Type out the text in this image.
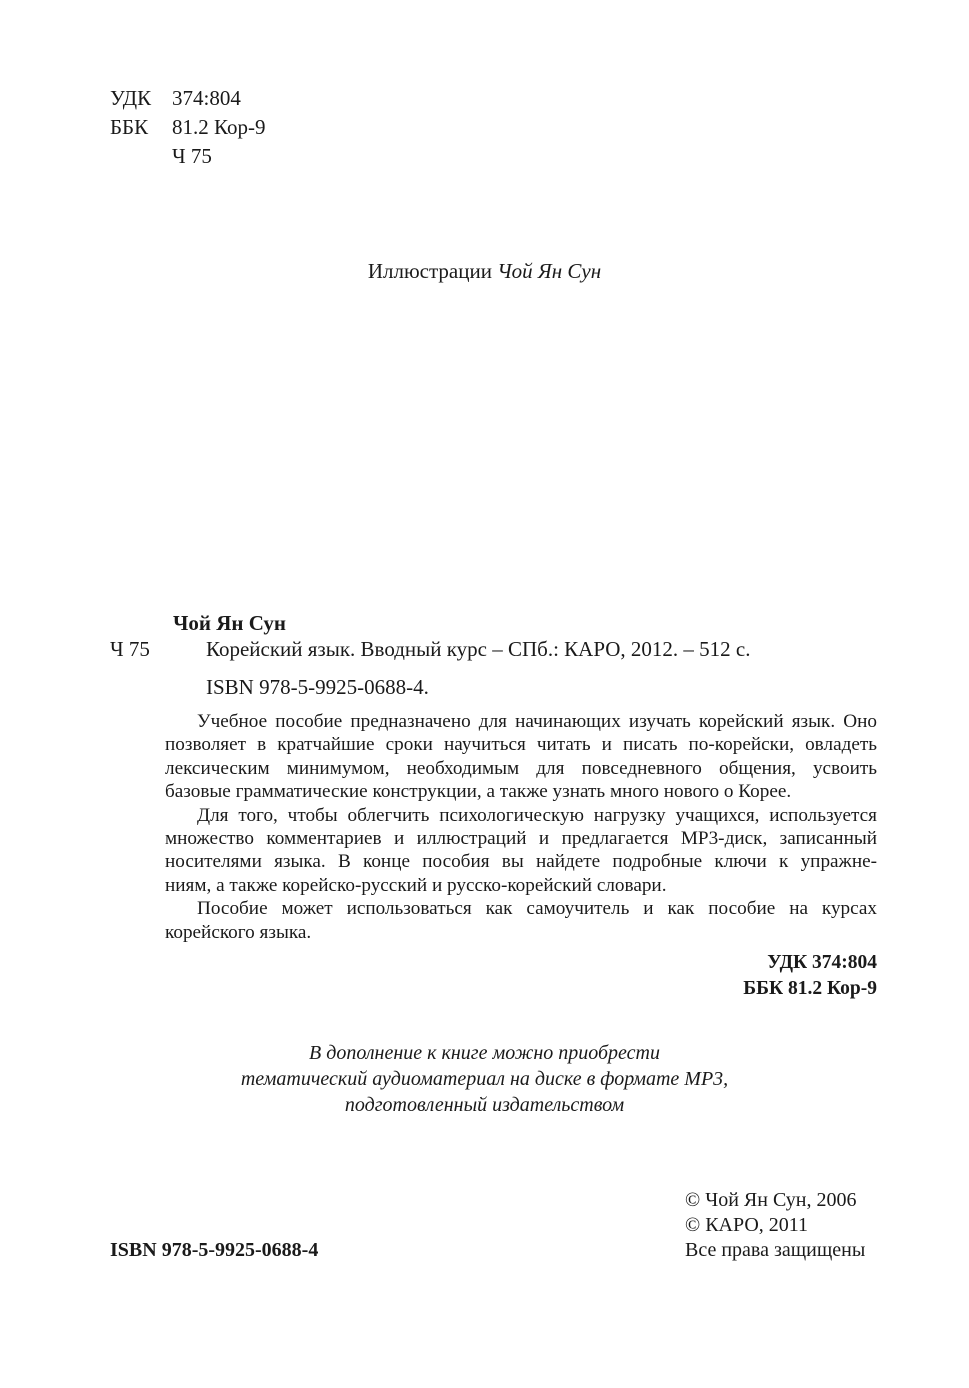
УДК 374:804
ББК	81.2 Кор-9
Ч 75
Иллюстрации Чой Ян Сун
Чой Ян Сун
Ч 75	Корейский язык. Вводный курс – СПб.: КАРО, 2012. – 512 с.
ISBN 978-5-9925-0688-4.
Учебное пособие предназначено для начинающих изучать корейский язык. Оно
позволяет в кратчайшие сроки научиться читать и писать по-корейски, овладеть
лексическим минимумом, необходимым для повседневного общения, усвоить
базовые грамматические конструкции, а также узнать много нового о Корее.
Для того, чтобы облегчить психологическую нагрузку учащихся, используется
множество комментариев и иллюстраций и предлагается MP3-диск, записанный
носителями языка. В конце пособия вы найдете подробные ключи к упражне-
ниям, а также корейско-русский и русско-корейский словари.
Пособие может использоваться как самоучитель и как пособие на курсах
корейского языка.
УДК 374:804
ББК 81.2 Кор-9
В дополнение к книге можно приобрести
тематический аудиоматериал на диске в формате MP3,
подготовленный издательством
© Чой Ян Сун, 2006
© КАРО, 2011
Все права защищены
ISBN 978-5-9925-0688-4
